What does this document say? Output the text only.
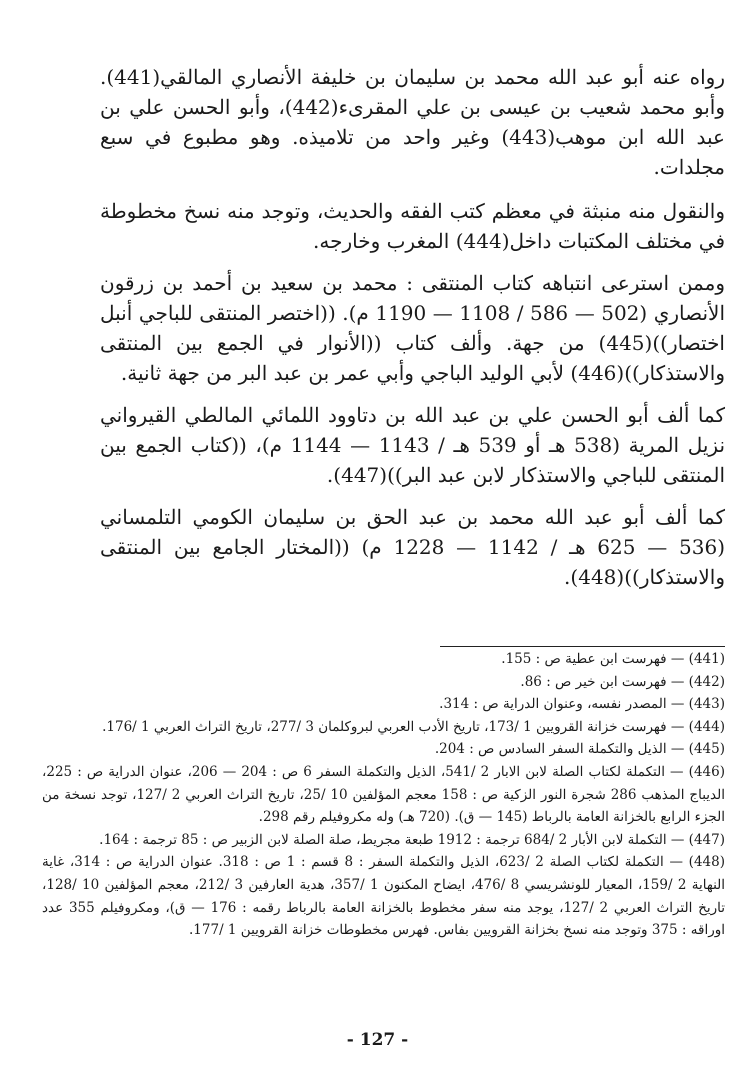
رواه عنه أبو عبد الله محمد بن سليمان بن خليفة الأنصاري المالقي(441). وأبو محمد شعيب بن عيسى بن علي المقرىء(442)، وأبو الحسن علي بن عبد الله ابن موهب(443) وغير واحد من تلاميذه. وهو مطبوع في سبع مجلدات.

والنقول منه منبثة في معظم كتب الفقه والحديث، وتوجد منه نسخ مخطوطة في مختلف المكتبات داخل(444) المغرب وخارجه.

وممن استرعى انتباهه كتاب المنتقى : محمد بن سعيد بن أحمد بن زرقون الأنصاري (502 — 586 / 1108 — 1190 م). ((اختصر المنتقى للباجي أنبل اختصار))(445) من جهة. وألف كتاب ((الأنوار في الجمع بين المنتقى والاستذكار))(446) لأبي الوليد الباجي وأبي عمر بن عبد البر من جهة ثانية.

كما ألف أبو الحسن علي بن عبد الله بن دتاوود اللمائي المالطي القيرواني نزيل المرية (538 هـ أو 539 هـ / 1143 — 1144 م)، ((كتاب الجمع بين المنتقى للباجي والاستذكار لابن عبد البر))(447).

كما ألف أبو عبد الله محمد بن عبد الحق بن سليمان الكومي التلمساني (536 — 625 هـ / 1142 — 1228 م) ((المختار الجامع بين المنتقى والاستذكار))(448).

(441) — فهرست ابن عطية ص : 155.

(442) — فهرست ابن خير ص : 86.

(443) — المصدر نفسه، وعنوان الدراية ص : 314.

(444) — فهرست خزانة القرويين 1 /173، تاريخ الأدب العربي لبروكلمان 3 /277، تاريخ التراث العربي 1 /176.

(445) — الذيل والتكملة السفر السادس ص : 204.

(446) — التكملة لكتاب الصلة لابن الابار 2 /541، الذيل والتكملة السفر 6 ص : 204 — 206، عنوان الدراية ص : 225، الديباج المذهب 286 شجرة النور الزكية ص : 158 معجم المؤلفين 10 /25، تاريخ التراث العربي 2 /127، توجد نسخة من الجزء الرابع بالخزانة العامة بالرباط (145 — ق). (720 هـ) وله مكروفيلم رقم 298.

(447) — التكملة لابن الأبار 2 /684 ترجمة : 1912 طبعة مجريط، صلة الصلة لابن الزبير ص : 85 ترجمة : 164.

(448) — التكملة لكتاب الصلة 2 /623، الذيل والتكملة السفر : 8 قسم : 1 ص : 318. عنوان الدراية ص : 314، غاية النهاية 2 /159، المعيار للونشريسي 8 /476، ايضاح المكنون 1 /357، هدية العارفين 3 /212، معجم المؤلفين 10 /128، تاريخ التراث العربي 2 /127، يوجد منه سفر مخطوط بالخزانة العامة بالرباط رقمه : 176 — ق)، ومكروفيلم 355 عدد اوراقه : 375 وتوجد منه نسخ بخزانة القرويين بفاس. فهرس مخطوطات خزانة القرويين 1 /177.

- 127 -
